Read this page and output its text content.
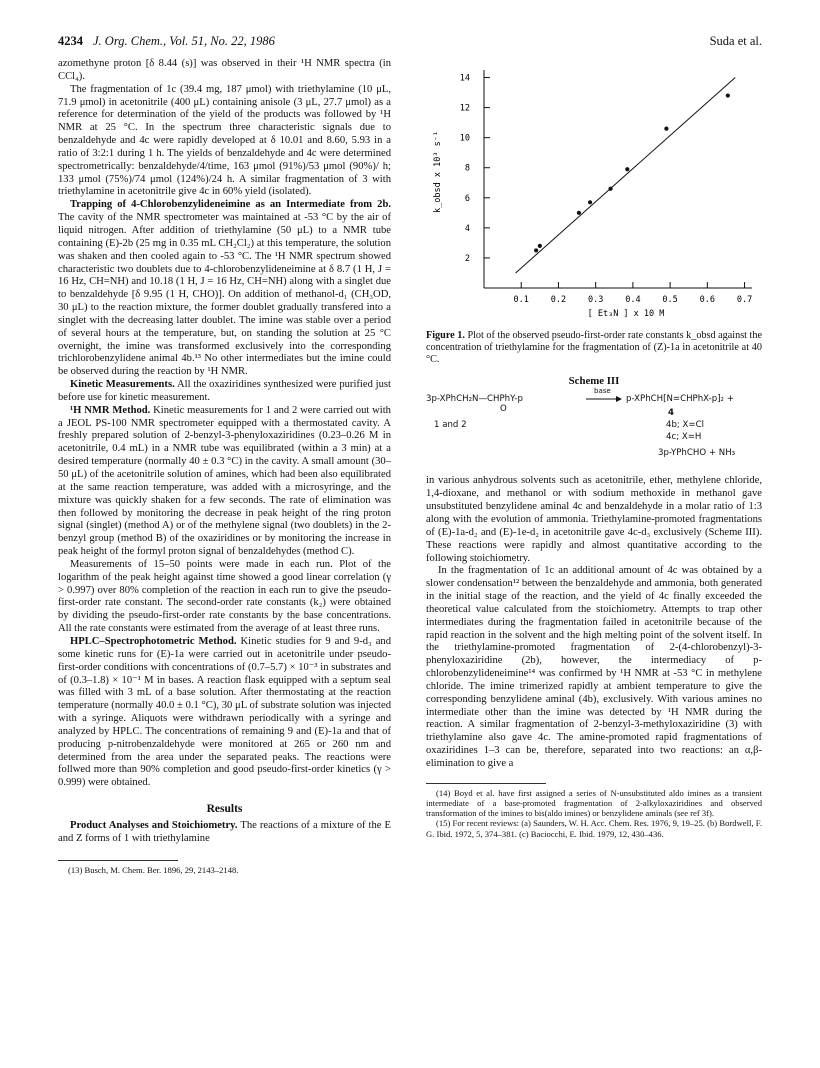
4234 J. Org. Chem., Vol. 51, No. 22, 1986	Suda et al.

azomethyne proton [δ 8.44 (s)] was observed in their ¹H NMR spectra (in CCl₄).

The fragmentation of 1c (39.4 mg, 187 μmol) with triethylamine (10 μL, 71.9 μmol) in acetonitrile (400 μL) containing anisole (3 μL, 27.7 μmol) as a reference for determination of the yield of the products was followed by ¹H NMR at 25 °C. In the spectrum three characteristic signals due to benzaldehyde and 4c were rapidly developed at δ 10.01 and 8.60, 5.93 in a ratio of 3:2:1 during 1 h. The yields of benzaldehyde and 4c were determined spectrometrically: benzaldehyde/4/time, 163 μmol (91%)/53 μmol (90%)/ h; 133 μmol (75%)/74 μmol (124%)/24 h. A similar fragmentation of 3 with triethylamine in acetonitrile give 4c in 60% yield (isolated).

Trapping of 4-Chlorobenzylideneimine as an Intermediate from 2b. The cavity of the NMR spectrometer was maintained at -53 °C by the air of liquid nitrogen. After addition of triethylamine (50 μL) to a NMR tube containing (E)-2b (25 mg in 0.35 mL CH₂Cl₂) at this temperature, the solution was shaken and then cooled again to -53 °C. The ¹H NMR spectrum showed characteristic two doublets due to 4-chlorobenzylideneimine at δ 8.7 (1 H, J = 16 Hz, CH=NH) and 10.18 (1 H, J = 16 Hz, CH=NH) along with a singlet due to benzaldehyde [δ 9.95 (1 H, CHO)]. On addition of methanol-d₁ (CH₃OD, 30 μL) to the reaction mixture, the former doublet gradually transfered into a singlet with the decreasing latter doublet. The imine was stable over a period of several hours at the temperature, but, on standing the solution at 25 °C overnight, the imine was transformed exclusively into the corresponding trichlorobenzylidene animal 4b.¹³ No other intermediates but the imine could be observed during the reaction by ¹H NMR.

Kinetic Measurements. All the oxaziridines synthesized were purified just before use for kinetic measurement.

¹H NMR Method. Kinetic measurements for 1 and 2 were carried out with a JEOL PS-100 NMR spectrometer equipped with a thermostated cavity. A freshly prepared solution of 2-benzyl-3-phenyloxaziridines (0.23–0.26 M in acetonitrile, 0.4 mL) in a NMR tube was equilibrated (within a 3 min) at a desired temperature (normally 40 ± 0.3 °C) in the cavity. A small amount (30–50 μL) of the acetonitrile solution of amines, which had been also equilibrated at the same reaction temperature, was added with a microsyringe, and the mixture was quickly shaken for a few seconds. The rate of elimination was then followed by monitoring the decrease in peak height of the ring proton signal (singlet) (method A) or of the methylene signal (two doublets) in the 2-benzyl group (method B) of the oxaziridines or by monitoring the increase in peak height of the formyl proton signal of benzaldehydes (method C).

Measurements of 15–50 points were made in each run. Plot of the logarithm of the peak height against time showed a good linear correlation (γ > 0.997) over 80% completion of the reaction in each run to give the pseudo-first-order rate constant. The second-order rate constants (k₂) were obtained by dividing the pseudo-first-order rate constants by the base concentrations. All the rate constants were estimated from the average of at least three runs.

HPLC–Spectrophotometric Method. Kinetic studies for 9 and 9-d₃ and some kinetic runs for (E)-1a were carried out in acetonitrile under pseudo-first-order conditions with concentrations of (0.7–5.7) × 10⁻³ in substrates and of (0.3–1.8) × 10⁻¹ M in bases. A reaction flask equipped with a septum seal was filled with 3 mL of a base solution. After thermostating at the reaction temperature (normally 40.0 ± 0.1 °C), 30 μL of substrate solution was injected with a syringe. Aliquots were withdrawn periodically with a syringe and analyzed by HPLC. The concentrations of remaining 9 and (E)-1a and that of producing p-nitrobenzaldehyde were monitored at 265 or 260 nm and determined from the area under the separated peaks. The reactions were follwed more than 90% completion and good pseudo-first-order kinetics (γ > 0.999) were obtained.

Results

Product Analyses and Stoichiometry. The reactions of a mixture of the E and Z forms of 1 with triethylamine

(13) Busch, M. Chem. Ber. 1896, 29, 2143–2148.

2
4
6
8
10
12
14
0.1	0.2	0.3	0.4	0.5	0.6	0.7
[ Et₃N ] x 10 M
k_obsd x 10³ s⁻¹
Figure 1. Plot of the observed pseudo-first-order rate constants k_obsd against the concentration of triethylamine for the fragmentation of (Z)-1a in acetonitrile at 40 °C.
Scheme III
3p-XPhCH₂N—CHPhY-p
O
base
p-XPhCH[N=CHPhX-p]₂ +
1 and 2
4
4b; X=Cl
4c; X=H
3p-YPhCHO + NH₃

in various anhydrous solvents such as acetonitrile, ether, methylene chloride, 1,4-dioxane, and methanol or with sodium methoxide in methanol gave unsubstituted benzylidene aminal 4c and benzaldehyde in a molar ratio of 1:3 along with the evolution of ammonia. Triethylamine-promoted fragmentations of (E)-1a-d₂ and (E)-1e-d₂ in acetonitrile gave 4c-d₃ exclusively (Scheme III). These reactions were rapidly and almost quantitative according to the following stoichiometry.

In the fragmentation of 1c an additional amount of 4c was obtained by a slower condensation¹² between the benzaldehyde and ammonia, both generated in the initial stage of the reaction, and the yield of 4c finally exceeded the theoretical value calculated from the stoichiometry. Attempts to trap other intermediates during the fragmentation failed in acetonitrile because of the rapid reaction in the solvent and the high melting point of the solvent itself. In the triethylamine-promoted fragmentation of 2-(4-chlorobenzyl)-3-phenyloxaziridine (2b), however, the intermediacy of p-chlorobenzylideneimine¹⁴ was confirmed by ¹H NMR at -53 °C in methylene chloride. The imine trimerized rapidly at ambient temperature to give the corresponding benzylidene aminal (4b), exclusively. With various amines no intermediate other than the imine was detected by ¹H NMR during the reaction. A similar fragmentation of 2-benzyl-3-methyloxaziridine (3) with triethylamine also gave 4c. The amine-promoted rapid fragmentations of oxaziridines 1–3 can be, therefore, separated into two reactions: an α,β-elimination to give a

(14) Boyd et al. have first assigned a series of N-unsubstituted aldo imines as a transient intermediate of a base-promoted fragmentation of 2-alkyloxaziridines and observed transformation of the imines to bis(aldo imines) or benzylidene aminals (see ref 3f).

(15) For recent reviews: (a) Saunders, W. H. Acc. Chem. Res. 1976, 9, 19–25. (b) Bordwell, F. G. Ibid. 1972, 5, 374–381. (c) Baciocchi, E. Ibid. 1979, 12, 430–436.
